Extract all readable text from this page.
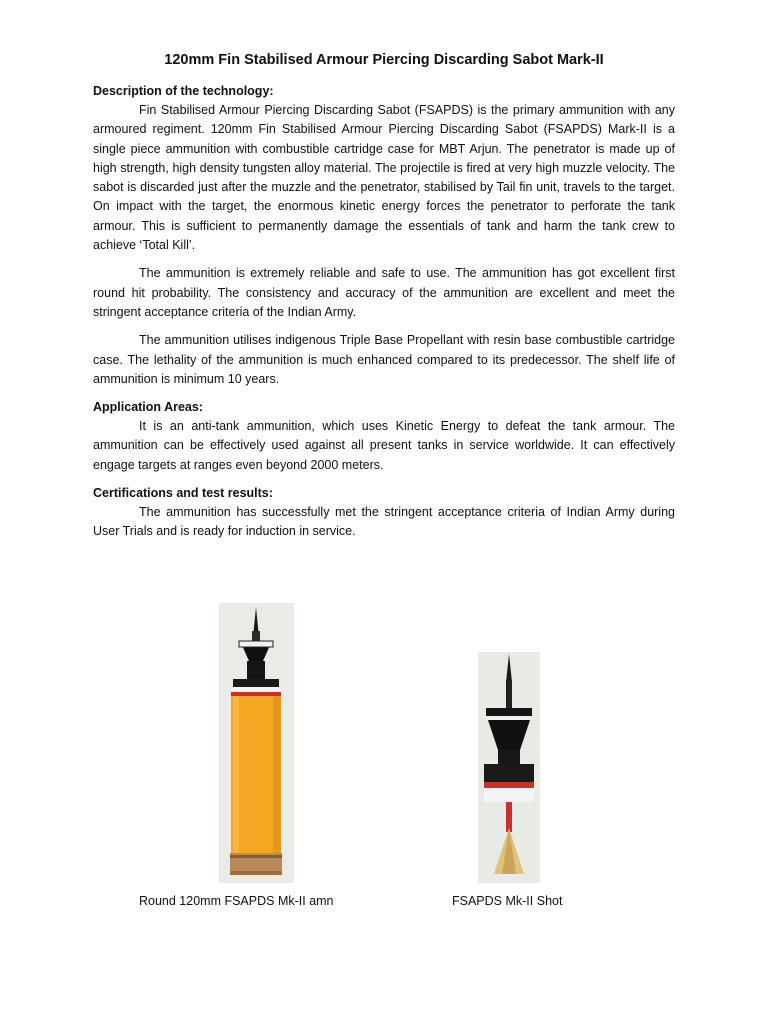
120mm Fin Stabilised Armour Piercing Discarding Sabot Mark-II
Description of the technology:

Fin Stabilised Armour Piercing Discarding Sabot (FSAPDS) is the primary ammunition with any armoured regiment. 120mm Fin Stabilised Armour Piercing Discarding Sabot (FSAPDS) Mark-II is a single piece ammunition with combustible cartridge case for MBT Arjun. The penetrator is made up of high strength, high density tungsten alloy material. The projectile is fired at very high muzzle velocity. The sabot is discarded just after the muzzle and the penetrator, stabilised by Tail fin unit, travels to the target. On impact with the target, the enormous kinetic energy forces the penetrator to perforate the tank armour. This is sufficient to permanently damage the essentials of tank and harm the tank crew to achieve ‘Total Kill’.

The ammunition is extremely reliable and safe to use. The ammunition has got excellent first round hit probability. The consistency and accuracy of the ammunition are excellent and meet the stringent acceptance criteria of the Indian Army.

The ammunition utilises indigenous Triple Base Propellant with resin base combustible cartridge case. The lethality of the ammunition is much enhanced compared to its predecessor. The shelf life of ammunition is minimum 10 years.

Application Areas:

It is an anti-tank ammunition, which uses Kinetic Energy to defeat the tank armour. The ammunition can be effectively used against all present tanks in service worldwide. It can effectively engage targets at ranges even beyond 2000 meters.

Certifications and test results:

The ammunition has successfully met the stringent acceptance criteria of Indian Army during User Trials and is ready for induction in service.

Round 120mm FSAPDS Mk-II amn	FSAPDS Mk-II Shot
